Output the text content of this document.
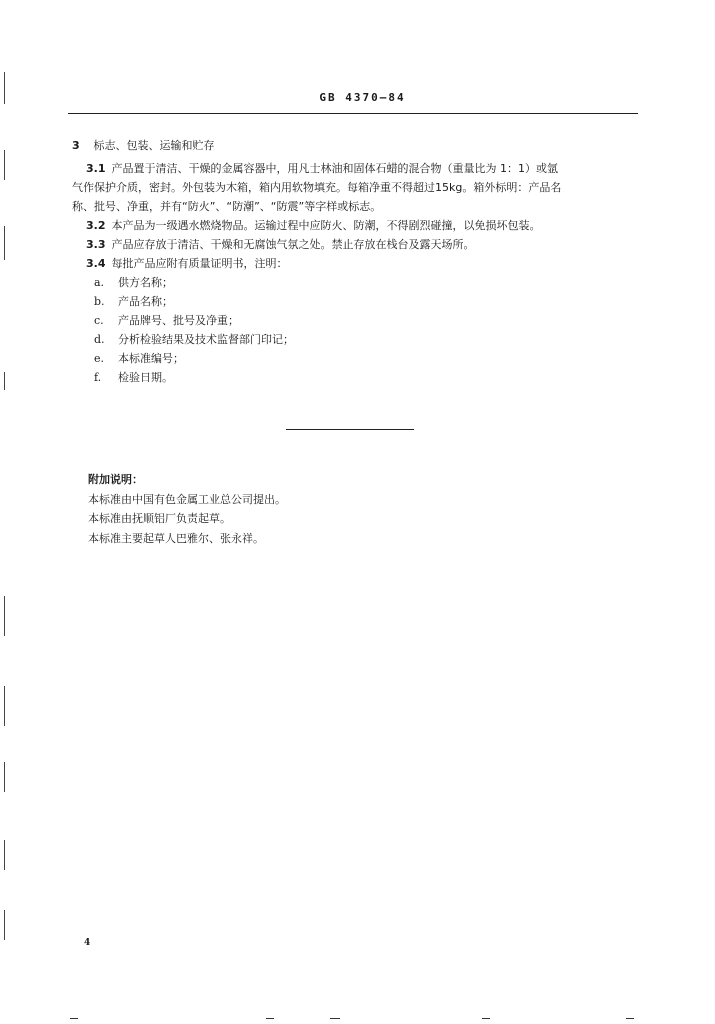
GB 4370—84

3 标志、包装、运输和贮存

3.1 产品置于清洁、干燥的金属容器中，用凡士林油和固体石蜡的混合物（重量比为 1：1）或氩

气作保护介质，密封。外包装为木箱，箱内用软物填充。每箱净重不得超过15kg。箱外标明：产品名

称、批号、净重，并有“防火”、“防潮”、“防震”等字样或标志。

3.2 本产品为一级遇水燃烧物品。运输过程中应防火、防潮，不得剧烈碰撞，以免损坏包装。

3.3 产品应存放于清洁、干燥和无腐蚀气氛之处。禁止存放在栈台及露天场所。

3.4 每批产品应附有质量证明书，注明：

a. 供方名称；
b. 产品名称；
c. 产品牌号、批号及净重；
d. 分析检验结果及技术监督部门印记；
e. 本标准编号；
f. 检验日期。

附加说明：

本标准由中国有色金属工业总公司提出。

本标准由抚顺铝厂负责起草。

本标准主要起草人巴雅尔、张永祥。

4
